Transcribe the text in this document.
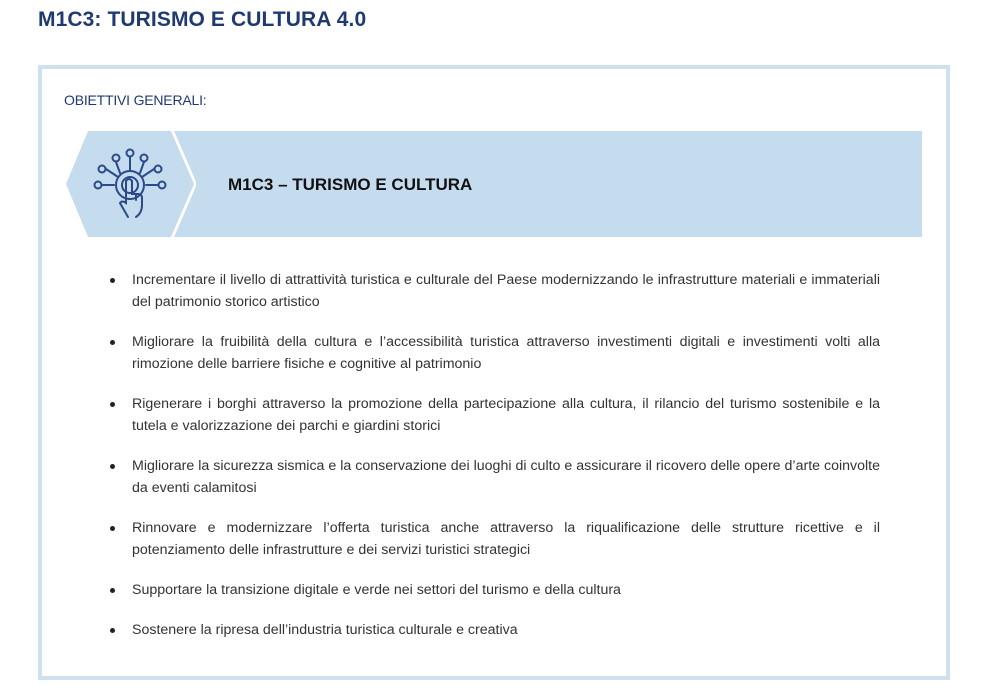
M1C3: TURISMO E CULTURA 4.0
OBIETTIVI GENERALI:
M1C3 – TURISMO E CULTURA
Incrementare il livello di attrattività turistica e culturale del Paese modernizzando le infrastrutture materiali e immateriali del patrimonio storico artistico
Migliorare la fruibilità della cultura e l’accessibilità turistica attraverso investimenti digitali e investimenti volti alla rimozione delle barriere fisiche e cognitive al patrimonio
Rigenerare i borghi attraverso la promozione della partecipazione alla cultura, il rilancio del turismo sostenibile e la tutela e valorizzazione dei parchi e giardini storici
Migliorare la sicurezza sismica e la conservazione dei luoghi di culto e assicurare il ricovero delle opere d’arte coinvolte da eventi calamitosi
Rinnovare e modernizzare l’offerta turistica anche attraverso la riqualificazione delle strutture ricettive e il potenziamento delle infrastrutture e dei servizi turistici strategici
Supportare la transizione digitale e verde nei settori del turismo e della cultura
Sostenere la ripresa dell’industria turistica culturale e creativa
